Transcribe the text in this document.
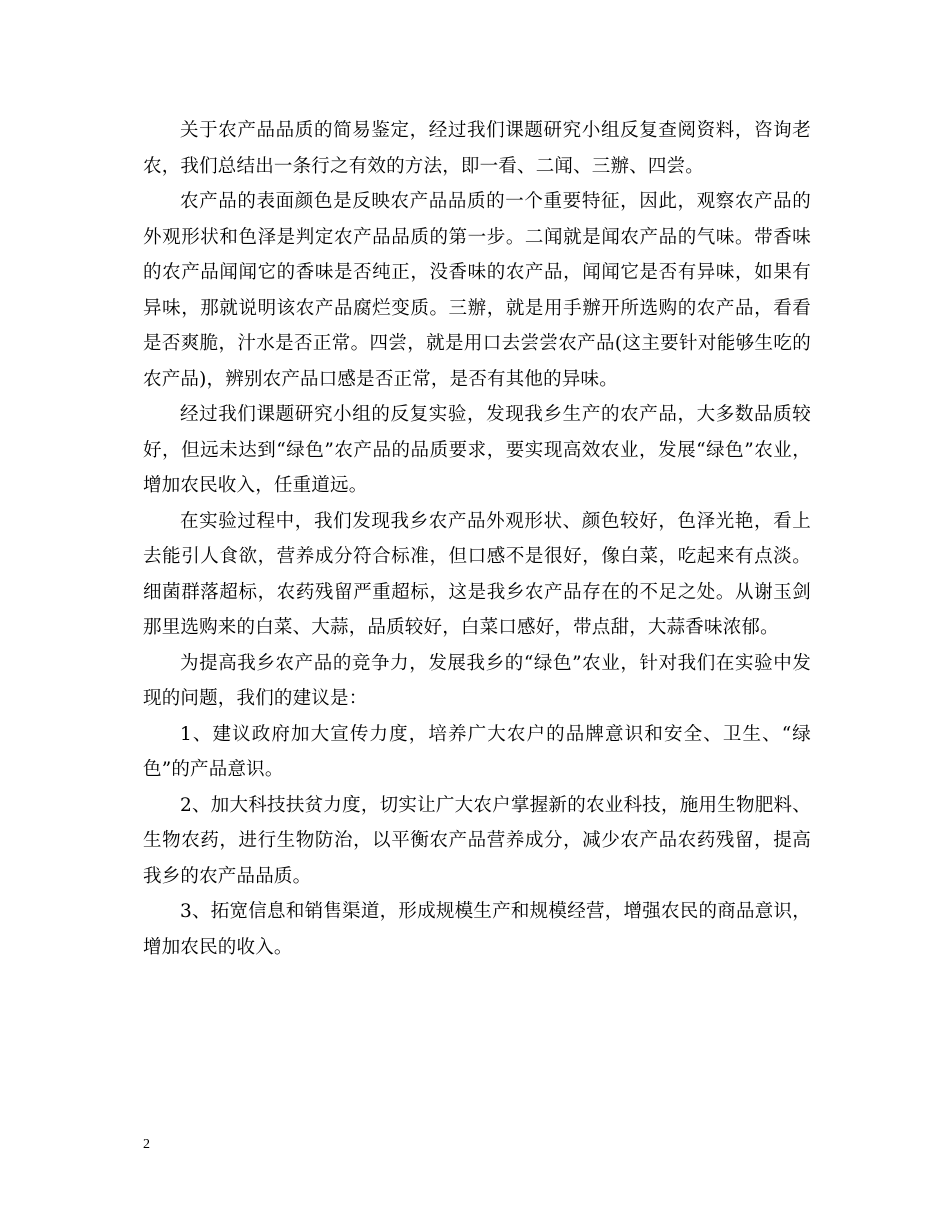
关于农产品品质的简易鉴定，经过我们课题研究小组反复查阅资料，咨询老农，我们总结出一条行之有效的方法，即一看、二闻、三辦、四尝。

农产品的表面颜色是反映农产品品质的一个重要特征，因此，观察农产品的外观形状和色泽是判定农产品品质的第一步。二闻就是闻农产品的气味。带香味的农产品闻闻它的香味是否纯正，没香味的农产品，闻闻它是否有异味，如果有异味，那就说明该农产品腐烂变质。三辦，就是用手辦开所选购的农产品，看看是否爽脆，汁水是否正常。四尝，就是用口去尝尝农产品(这主要针对能够生吃的农产品)，辨别农产品口感是否正常，是否有其他的异味。

经过我们课题研究小组的反复实验，发现我乡生产的农产品，大多数品质较好，但远未达到“绿色”农产品的品质要求，要实现高效农业，发展“绿色”农业，增加农民收入，任重道远。

在实验过程中，我们发现我乡农产品外观形状、颜色较好，色泽光艳，看上去能引人食欲，营养成分符合标准，但口感不是很好，像白菜，吃起来有点淡。细菌群落超标，农药残留严重超标，这是我乡农产品存在的不足之处。从谢玉剑那里选购来的白菜、大蒜，品质较好，白菜口感好，带点甜，大蒜香味浓郁。

为提高我乡农产品的竞争力，发展我乡的“绿色”农业，针对我们在实验中发现的问题，我们的建议是：

1、建议政府加大宣传力度，培养广大农户的品牌意识和安全、卫生、“绿色”的产品意识。

2、加大科技扶贫力度，切实让广大农户掌握新的农业科技，施用生物肥料、生物农药，进行生物防治，以平衡农产品营养成分，减少农产品农药残留，提高我乡的农产品品质。

3、拓宽信息和销售渠道，形成规模生产和规模经营，增强农民的商品意识，增加农民的收入。

2
